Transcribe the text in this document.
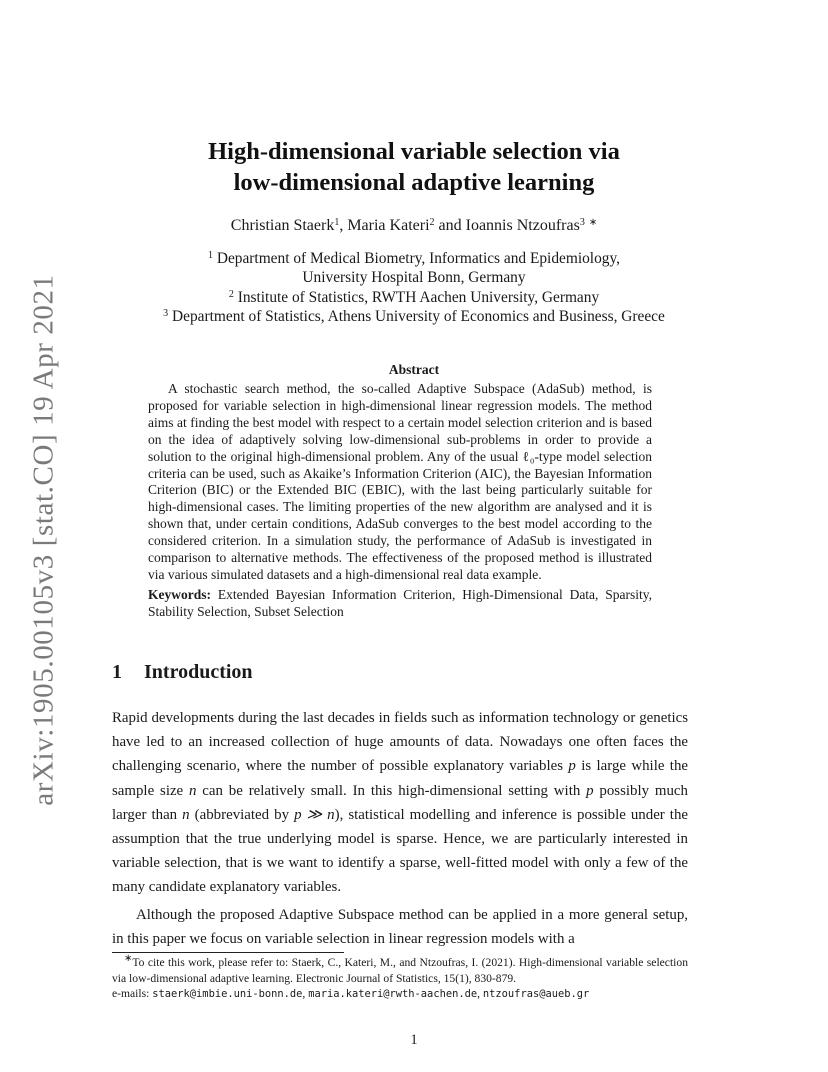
arXiv:1905.00105v3 [stat.CO] 19 Apr 2021
High-dimensional variable selection via
low-dimensional adaptive learning
Christian Staerk$^1$, Maria Kateri$^2$ and Ioannis Ntzoufras$^3$ ∗
$^1$ Department of Medical Biometry, Informatics and Epidemiology,
University Hospital Bonn, Germany
$^2$ Institute of Statistics, RWTH Aachen University, Germany
$^3$ Department of Statistics, Athens University of Economics and Business, Greece
Abstract
A stochastic search method, the so-called Adaptive Subspace (AdaSub) method, is proposed for variable selection in high-dimensional linear regression models. The method aims at finding the best model with respect to a certain model selection criterion and is based on the idea of adaptively solving low-dimensional sub-problems in order to provide a solution to the original high-dimensional problem. Any of the usual ℓ₀-type model selection criteria can be used, such as Akaike’s Information Criterion (AIC), the Bayesian Information Criterion (BIC) or the Extended BIC (EBIC), with the last being particularly suitable for high-dimensional cases. The limiting properties of the new algorithm are analysed and it is shown that, under certain conditions, AdaSub converges to the best model according to the considered criterion. In a simulation study, the performance of AdaSub is investigated in comparison to alternative methods. The effectiveness of the proposed method is illustrated via various simulated datasets and a high-dimensional real data example.
Keywords: Extended Bayesian Information Criterion, High-Dimensional Data, Sparsity, Stability Selection, Subset Selection
1 Introduction

Rapid developments during the last decades in fields such as information technology or genetics have led to an increased collection of huge amounts of data. Nowadays one often faces the challenging scenario, where the number of possible explanatory variables p is large while the sample size n can be relatively small. In this high-dimensional setting with p possibly much larger than n (abbreviated by p ≫ n), statistical modelling and inference is possible under the assumption that the true underlying model is sparse. Hence, we are particularly interested in variable selection, that is we want to identify a sparse, well-fitted model with only a few of the many candidate explanatory variables.

Although the proposed Adaptive Subspace method can be applied in a more general setup, in this paper we focus on variable selection in linear regression models with a

∗To cite this work, please refer to: Staerk, C., Kateri, M., and Ntzoufras, I. (2021). High-dimensional variable selection via low-dimensional adaptive learning. Electronic Journal of Statistics, 15(1), 830-879.
e-mails: staerk@imbie.uni-bonn.de, maria.kateri@rwth-aachen.de, ntzoufras@aueb.gr
1
